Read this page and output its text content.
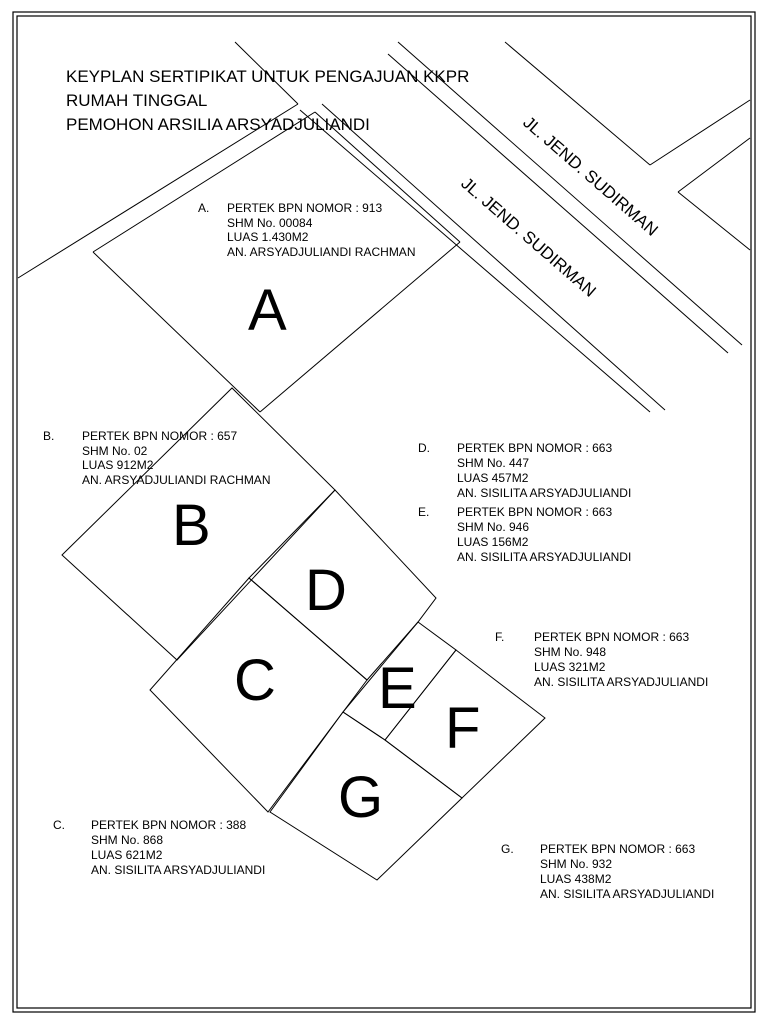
KEYPLAN SERTIPIKAT UNTUK PENGAJUAN KKPR
RUMAH TINGGAL
PEMOHON ARSILIA ARSYADJULIANDI	JL. JEND. SUDIRMAN
JL. JEND. SUDIRMAN
A
B
C
D
E
F
G
A. PERTEK BPN NOMOR : 913
SHM No. 00084
LUAS 1.430M2
AN. ARSYADJULIANDI RACHMAN
B. PERTEK BPN NOMOR : 657
SHM No. 02
LUAS 912M2
AN. ARSYADJULIANDI RACHMAN
C. PERTEK BPN NOMOR : 388
SHM No. 868
LUAS 621M2
AN. SISILITA ARSYADJULIANDI
D. PERTEK BPN NOMOR : 663
SHM No. 447
LUAS 457M2
AN. SISILITA ARSYADJULIANDI
E. PERTEK BPN NOMOR : 663
SHM No. 946
LUAS 156M2
AN. SISILITA ARSYADJULIANDI
F. PERTEK BPN NOMOR : 663
SHM No. 948
LUAS 321M2
AN. SISILITA ARSYADJULIANDI
G. PERTEK BPN NOMOR : 663
SHM No. 932
LUAS 438M2
AN. SISILITA ARSYADJULIANDI
